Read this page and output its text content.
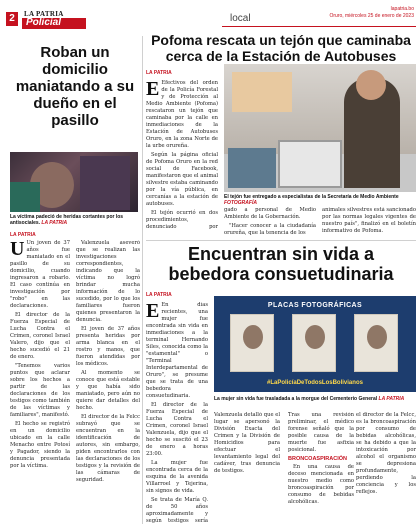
2	LA PATRIA
Policial	local
lapatria.bo
Oruro, miércoles 25 de enero de 2023
Roban un domicilio maniatando a su dueño en el pasillo
La víctima padeció de heridas cortantes por los antisociales. LA PATRIA
LA PATRIA

U Un joven de 37 años fue maniatado en el pasillo de su domicilio, cuando ingresaron a robarlo. El caso continúa en investigación por "robo" en las declaraciones.

El director de la Fuerza Especial de Lucha Contra el Crimen, coronel Israel Valero, dijo que el hecho sucedió el 21 de enero.

"Tenemos varios puntos que aclarar sobre los hechos a partir de las declaraciones de los testigos como también de las víctimas y familiares", manifestó.

El hecho se registró en un domicilio ubicado en la calle Menacho entre Potosí y Pagador, siendo la denuncia presentada por la víctima.

Valenzuela aseveró que se realizan las investigaciones correspondientes, indicando que la víctima no logró brindar mucha información de lo sucedido, por lo que los familiares fueron quienes presentaron la denuncia.

El joven de 37 años presenta heridas por arma blanca en el rostro y manos, que fueron atendidas por los médicos.

Al momento se conoce que está estable y que había sido maniatado, pero aún no quiere dar detalles del hecho.

El director de la Felcc subrayó que se encuentran en la identificación de autores, sin embargo, piden encontrarlos con las declaraciones de los testigos y la revisión de las cámaras de seguridad.

Pofoma rescata un tejón que caminaba cerca de la Estación de Autobuses
LA PATRIA

E Efectivos del orden de la Policía Forestal y de Protección al Medio Ambiente (Pofoma) rescataron un tejón que caminaba por la calle en inmediaciones de la Estación de Autobuses Oruro, en la zona Norte de la urbe orureña.

Según la página oficial de Pofoma Oruro en la red social de Facebook, manifestaron que el animal silvestre estaba caminando por la vía pública, en cercanías a la estación de autobuses.

El tejón ocurrió en dos procedimientos, denunciado por

El tejón fue entregado a especialistas de la Secretaría de Medio Ambiente FOTOGRAFÍA

gado a personal de Medio Ambiente de la Gobernación.

"Hacer conocer a la ciudadanía orureña, que la tenencia de los

animales silvestres está sancionado por las normas legales vigentes de nuestro país", finalizó en el boletín informativo de Pofoma.

Encuentran sin vida a bebedora consuetudinaria
LA PATRIA

E En días recientes, una mujer fue encontrada sin vida en inmediaciones a la terminal Hernando Siles, conocida como la "estamental" o "Terminal Interdepartamental de Oruro", se presume que se trata de una bebedora consuetudinaria.

El director de la Fuerza Especial de Lucha Contra el Crimen, coronel Israel Valenzuela, dijo que el hecho se suscitó el 23 de enero a horas 23:00.

La mujer fue encontrada cerca de la esquina de la avenida Villarroel y Tejerina, sin signos de vida.

Se trata de María Q. de 50 años aproximadamente y según testigos sería

PLACAS FOTOGRÁFICAS
#LaPolicíaDeTodosLosBolivianos
La mujer sin vida fue trasladada a la morgue del Cementerio General LA PATRIA

Valenzuela detalló que el lugar se apersonó la División Exacta del Crimen y la División de Homicidios para efectuar el levantamiento legal del cadáver, tras denuncia de testigos.

Tras una revisión preliminar, el médico forense señaló que la posible causa de la muerte fue asfixia posicional.

BRONCOASPIRACIÓN

En una causa de deceso mencionada en nuestro medio como broncoaspiración por consumo de bebidas alcohólicas.

el director de la Felcc, es la broncoaspiración por consumo de bebidas alcohólicas, se ha debido a que la intoxicación por alcohol el organismo se depresiona profundamente, perdiendo la conciencia y los reflejos.
